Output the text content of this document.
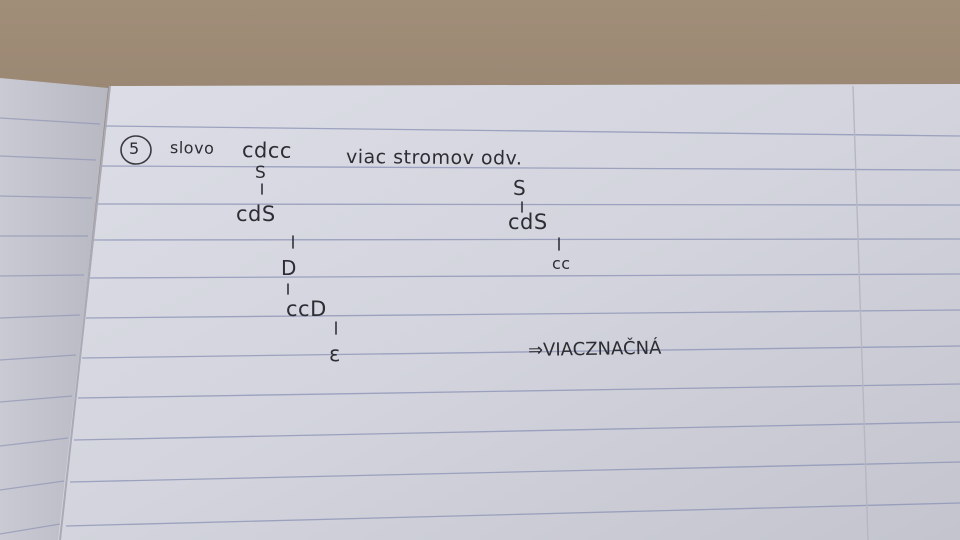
5 slovo cdcc	viac stromov odv.
S
cdS
D
ccD
ε
S
cdS
cc
⇒VIACZNAČNÁ
